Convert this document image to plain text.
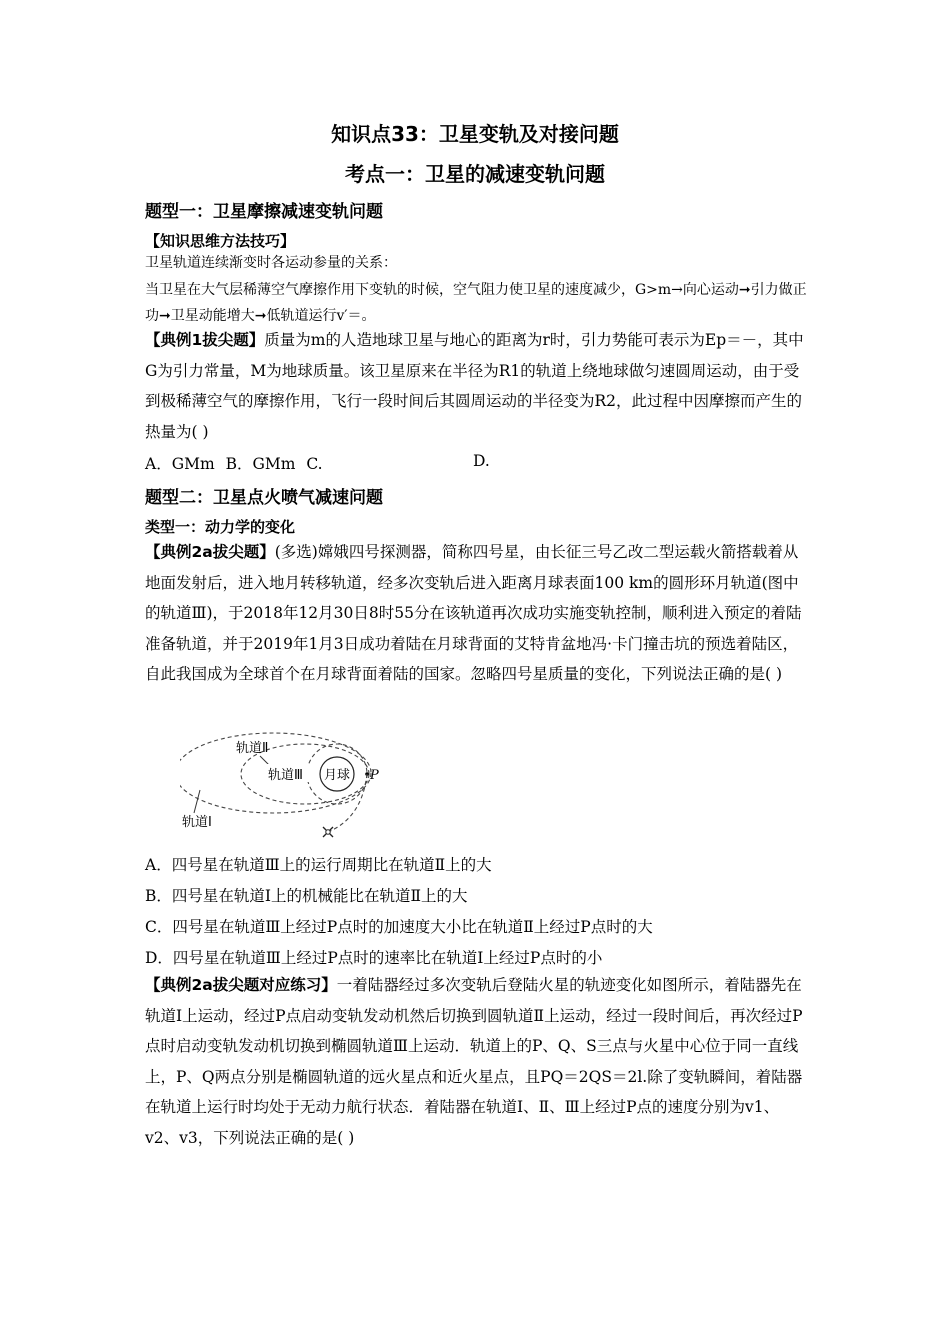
知识点33：卫星变轨及对接问题
考点一：卫星的减速变轨问题
题型一：卫星摩擦减速变轨问题
【知识思维方法技巧】
卫星轨道连续渐变时各运动参量的关系：
当卫星在大气层稀薄空气摩擦作用下变轨的时候，空气阻力使卫星的速度减少，G>m→向心运动➞引力做正功➞卫星动能增大➞低轨道运行v′＝。
【典例1拔尖题】质量为m的人造地球卫星与地心的距离为r时，引力势能可表示为Ep＝－，其中G为引力常量，M为地球质量。该卫星原来在半径为R1的轨道上绕地球做匀速圆周运动，由于受到极稀薄空气的摩擦作用，飞行一段时间后其圆周运动的半径变为R2，此过程中因摩擦而产生的热量为( )
A．GMm B．GMm C.	D.
题型二：卫星点火喷气减速问题
类型一：动力学的变化
【典例2a拔尖题】(多选)嫦娥四号探测器，简称四号星，由长征三号乙改二型运载火箭搭载着从地面发射后，进入地月转移轨道，经多次变轨后进入距离月球表面100 km的圆形环月轨道(图中的轨道Ⅲ)，于2018年12月30日8时55分在该轨道再次成功实施变轨控制，顺利进入预定的着陆准备轨道，并于2019年1月3日成功着陆在月球背面的艾特肯盆地冯·卡门撞击坑的预选着陆区，自此我国成为全球首个在月球背面着陆的国家。忽略四号星质量的变化，下列说法正确的是( )
月球 P
轨道Ⅱ
轨道Ⅲ
轨道Ⅰ
A．四号星在轨道Ⅲ上的运行周期比在轨道Ⅱ上的大
B．四号星在轨道Ⅰ上的机械能比在轨道Ⅱ上的大
C．四号星在轨道Ⅲ上经过P点时的加速度大小比在轨道Ⅱ上经过P点时的大
D．四号星在轨道Ⅲ上经过P点时的速率比在轨道Ⅰ上经过P点时的小
【典例2a拔尖题对应练习】一着陆器经过多次变轨后登陆火星的轨迹变化如图所示，着陆器先在轨道Ⅰ上运动，经过P点启动变轨发动机然后切换到圆轨道Ⅱ上运动，经过一段时间后，再次经过P点时启动变轨发动机切换到椭圆轨道Ⅲ上运动．轨道上的P、Q、S三点与火星中心位于同一直线上，P、Q两点分别是椭圆轨道的远火星点和近火星点，且PQ＝2QS＝2l.除了变轨瞬间，着陆器在轨道上运行时均处于无动力航行状态．着陆器在轨道Ⅰ、Ⅱ、Ⅲ上经过P点的速度分别为v1、v2、v3，下列说法正确的是( )
